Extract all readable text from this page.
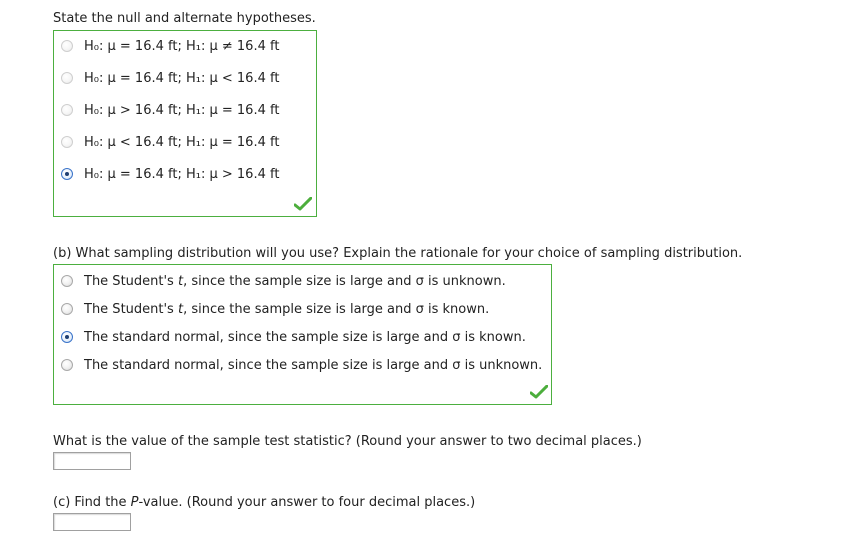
State the null and alternate hypotheses.
H₀: μ = 16.4 ft;
H₁: μ ≠ 16.4 ft
H₀: μ = 16.4 ft;
H₁: μ < 16.4 ft
H₀: μ > 16.4 ft;
H₁: μ = 16.4 ft
H₀: μ < 16.4 ft;
H₁: μ = 16.4 ft
H₀: μ = 16.4 ft;
H₁: μ > 16.4 ft
(b) What sampling distribution will you use? Explain the rationale for your choice of sampling distribution.
The Student's t, since the sample size is large and σ is unknown.
The Student's t, since the sample size is large and σ is known.
The standard normal, since the sample size is large and σ is known.
The standard normal, since the sample size is large and σ is unknown.
What is the value of the sample test statistic? (Round your answer to two decimal places.)
(c) Find the P-value. (Round your answer to four decimal places.)
